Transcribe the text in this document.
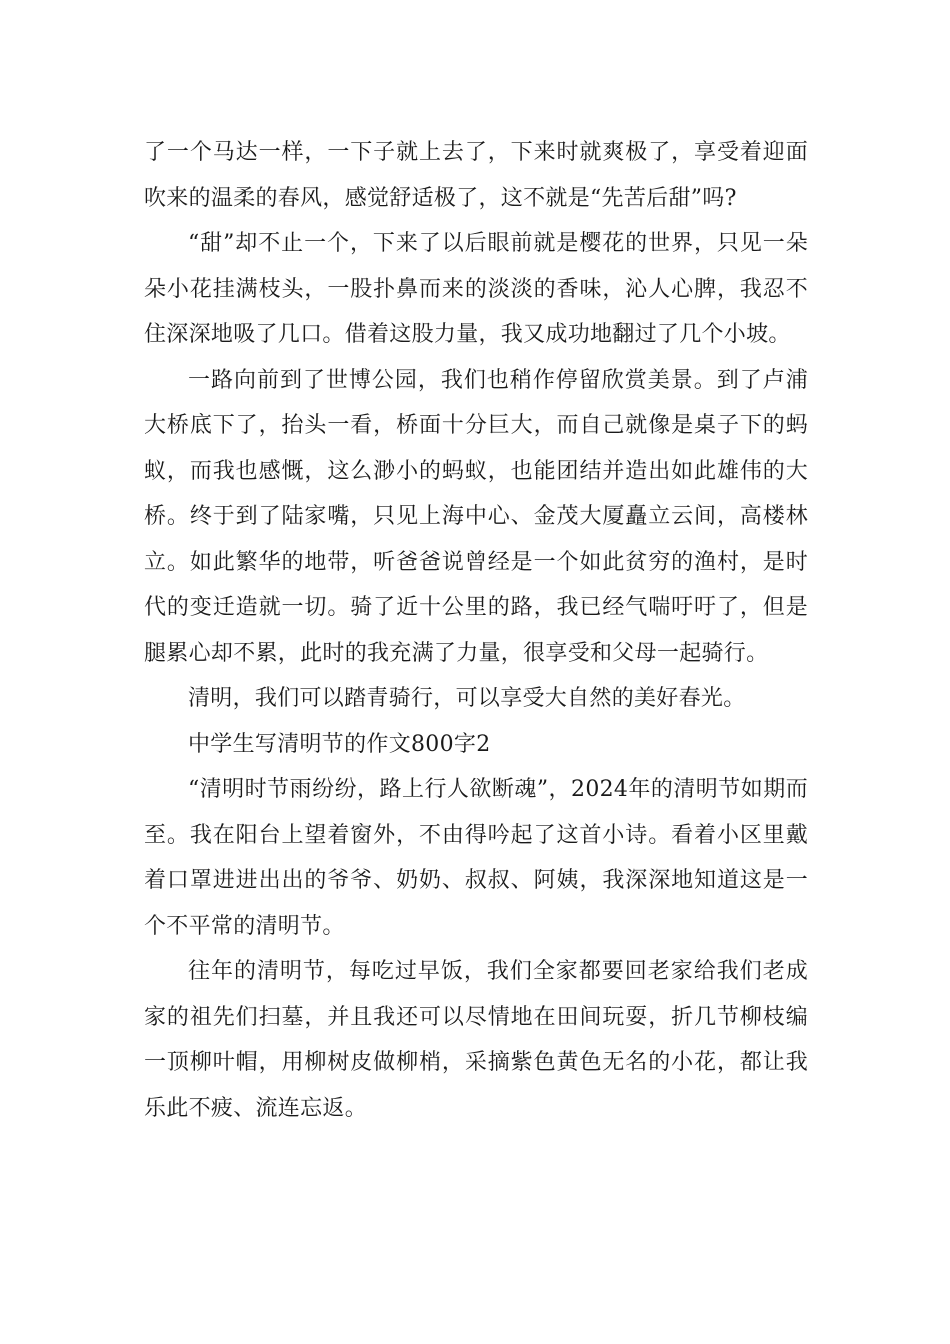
了一个马达一样，一下子就上去了，下来时就爽极了，享受着迎面吹来的温柔的春风，感觉舒适极了，这不就是“先苦后甜”吗?

“甜”却不止一个，下来了以后眼前就是樱花的世界，只见一朵朵小花挂满枝头，一股扑鼻而来的淡淡的香味，沁人心脾，我忍不住深深地吸了几口。借着这股力量，我又成功地翻过了几个小坡。

一路向前到了世博公园，我们也稍作停留欣赏美景。到了卢浦大桥底下了，抬头一看，桥面十分巨大，而自己就像是桌子下的蚂蚁，而我也感慨，这么渺小的蚂蚁，也能团结并造出如此雄伟的大桥。终于到了陆家嘴，只见上海中心、金茂大厦矗立云间，高楼林立。如此繁华的地带，听爸爸说曾经是一个如此贫穷的渔村，是时代的变迁造就一切。骑了近十公里的路，我已经气喘吁吁了，但是腿累心却不累，此时的我充满了力量，很享受和父母一起骑行。

清明，我们可以踏青骑行，可以享受大自然的美好春光。

中学生写清明节的作文800字2

“清明时节雨纷纷，路上行人欲断魂”，2024年的清明节如期而至。我在阳台上望着窗外，不由得吟起了这首小诗。看着小区里戴着口罩进进出出的爷爷、奶奶、叔叔、阿姨，我深深地知道这是一个不平常的清明节。

往年的清明节，每吃过早饭，我们全家都要回老家给我们老成家的祖先们扫墓，并且我还可以尽情地在田间玩耍，折几节柳枝编一顶柳叶帽，用柳树皮做柳梢，采摘紫色黄色无名的小花，都让我乐此不疲、流连忘返。
